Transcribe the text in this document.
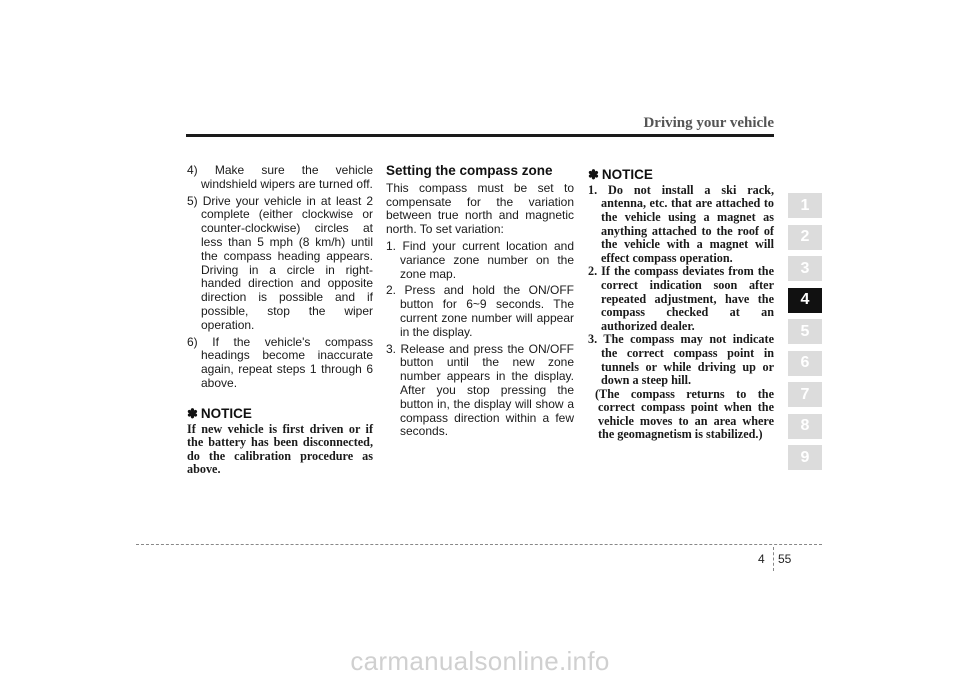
Driving your vehicle

4) Make sure the vehicle windshield wipers are turned off.

5) Drive your vehicle in at least 2 complete (either clockwise or counter-clockwise) circles at less than 5 mph (8 km/h) until the compass heading appears. Driving in a circle in right-handed direction and opposite direction is possible and if possible, stop the wiper operation.

6) If the vehicle's compass headings become inaccurate again, repeat steps 1 through 6 above.

✽ NOTICE

If new vehicle is first driven or if the battery has been disconnected, do the calibration procedure as above.

Setting the compass zone

This compass must be set to compensate for the variation between true north and magnetic north. To set variation:

1. Find your current location and variance zone number on the zone map.

2. Press and hold the ON/OFF button for 6~9 seconds. The current zone number will appear in the display.

3. Release and press the ON/OFF button until the new zone number appears in the display. After you stop pressing the button in, the display will show a compass direction within a few seconds.

✽ NOTICE

1. Do not install a ski rack, antenna, etc. that are attached to the vehicle using a magnet as anything attached to the roof of the vehicle with a magnet will effect compass operation.

2. If the compass deviates from the correct indication soon after repeated adjustment, have the compass checked at an authorized dealer.

3. The compass may not indicate the correct compass point in tunnels or while driving up or down a steep hill.

(The compass returns to the correct compass point when the vehicle moves to an area where the geomagnetism is stabilized.)

1
2
3
4
5
6
7
8
9
4 55
carmanualsonline.info
